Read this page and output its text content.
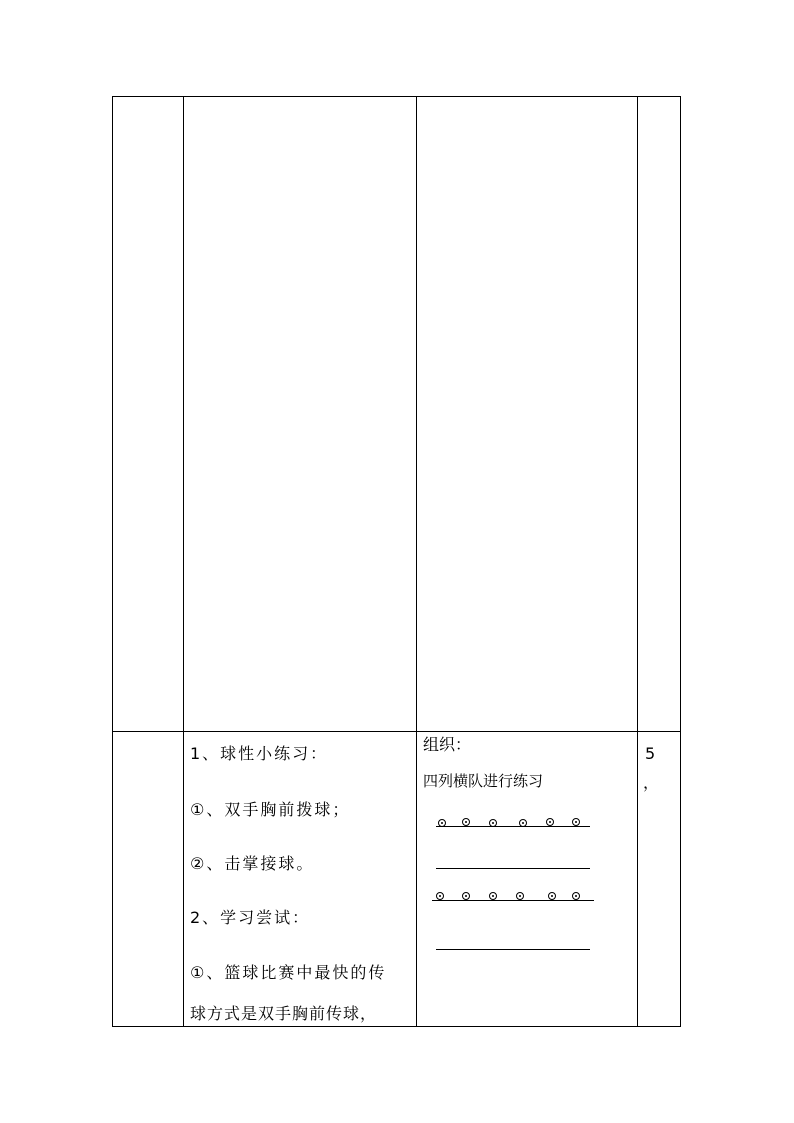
1、球性小练习：
①、双手胸前拨球；
②、击掌接球。
2、学习尝试：
①、篮球比赛中最快的传
球方式是双手胸前传球，
组织：
四列横队进行练习
5
，
